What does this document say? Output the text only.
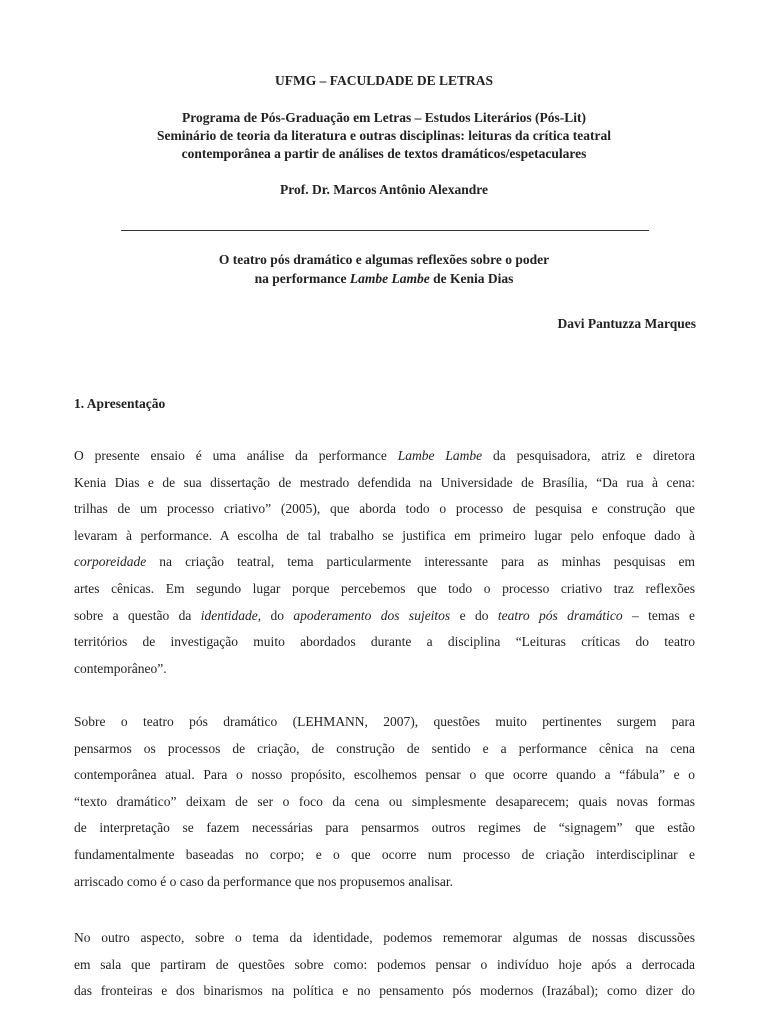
UFMG – FACULDADE DE LETRAS
Programa de Pós-Graduação em Letras – Estudos Literários (Pós-Lit)
Seminário de teoria da literatura e outras disciplinas: leituras da crítica teatral
contemporânea a partir de análises de textos dramáticos/espetaculares
Prof. Dr. Marcos Antônio Alexandre
O teatro pós dramático e algumas reflexões sobre o poder
na performance Lambe Lambe de Kenia Dias
Davi Pantuzza Marques
1. Apresentação
O presente ensaio é uma análise da performance Lambe Lambe da pesquisadora, atriz e diretora
Kenia Dias e de sua dissertação de mestrado defendida na Universidade de Brasília, “Da rua à cena:
trilhas de um processo criativo” (2005), que aborda todo o processo de pesquisa e construção que
levaram à performance. A escolha de tal trabalho se justifica em primeiro lugar pelo enfoque dado à
corporeidade na criação teatral, tema particularmente interessante para as minhas pesquisas em
artes cênicas. Em segundo lugar porque percebemos que todo o processo criativo traz reflexões
sobre a questão da identidade, do apoderamento dos sujeitos e do teatro pós dramático – temas e
territórios de investigação muito abordados durante a disciplina “Leituras críticas do teatro
contemporâneo”.
Sobre o teatro pós dramático (LEHMANN, 2007), questões muito pertinentes surgem para
pensarmos os processos de criação, de construção de sentido e a performance cênica na cena
contemporânea atual. Para o nosso propósito, escolhemos pensar o que ocorre quando a “fábula” e o
“texto dramático” deixam de ser o foco da cena ou simplesmente desaparecem; quais novas formas
de interpretação se fazem necessárias para pensarmos outros regimes de “signagem” que estão
fundamentalmente baseadas no corpo; e o que ocorre num processo de criação interdisciplinar e
arriscado como é o caso da performance que nos propusemos analisar.
No outro aspecto, sobre o tema da identidade, podemos rememorar algumas de nossas discussões
em sala que partiram de questões sobre como: podemos pensar o indivíduo hoje após a derrocada
das fronteiras e dos binarismos na política e no pensamento pós modernos (Irazábal); como dizer do
